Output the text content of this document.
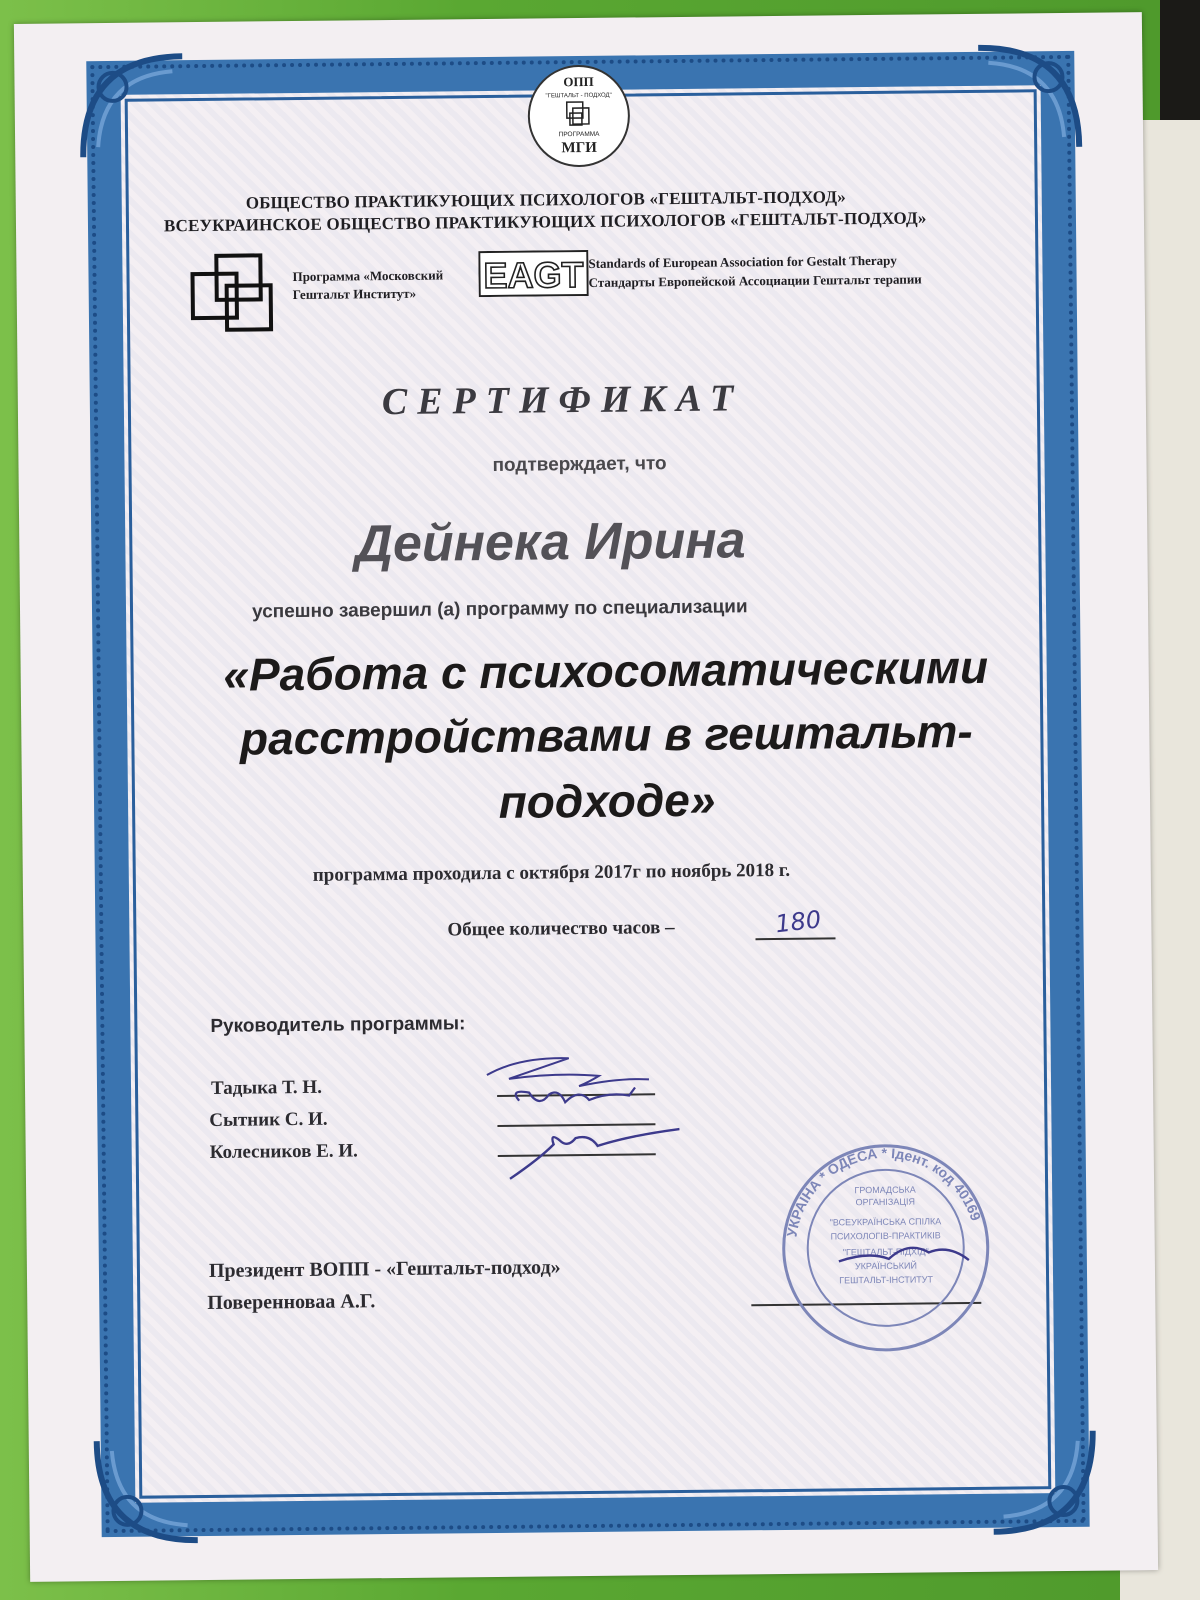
ОПП
"ГЕШТАЛЬТ - ПОДХОД"
ПРОГРАММА
МГИ
ОБЩЕСТВО ПРАКТИКУЮЩИХ ПСИХОЛОГОВ «ГЕШТАЛЬТ-ПОДХОД»
ВСЕУКРАИНСКОЕ ОБЩЕСТВО ПРАКТИКУЮЩИХ ПСИХОЛОГОВ «ГЕШТАЛЬТ-ПОДХОД»
Программа «Московский
Гештальт Институт» EAGT Standards of European Association for Gestalt Therapy
Стандарты Европейской Ассоциации Гештальт терапии
СЕРТИФИКАТ
подтверждает, что
Дейнека Ирина
успешно завершил (а) программу по специализации
«Работа с психосоматическими
расстройствами в гештальт-
подходе»
программа проходила с октября 2017г по ноябрь 2018 г.
Общее количество часов –	180
Руководитель программы:
Тадыка Т. Н.
Сытник С. И.
Колесников Е. И.
Президент ВОПП - «Гештальт-подход»
Поверенноваa А.Г.
УКРАЇНА * ОДЕСА * Ідент. код 40169
ГРОМАДСЬКА
ОРГАНІЗАЦІЯ
"ВСЕУКРАЇНСЬКА СПІЛКА
ПСИХОЛОГІВ-ПРАКТИКІВ
"ГЕШТАЛЬТ-ПІДХІД"
УКРАЇНСЬКИЙ
ГЕШТАЛЬТ-ІНСТИТУТ
